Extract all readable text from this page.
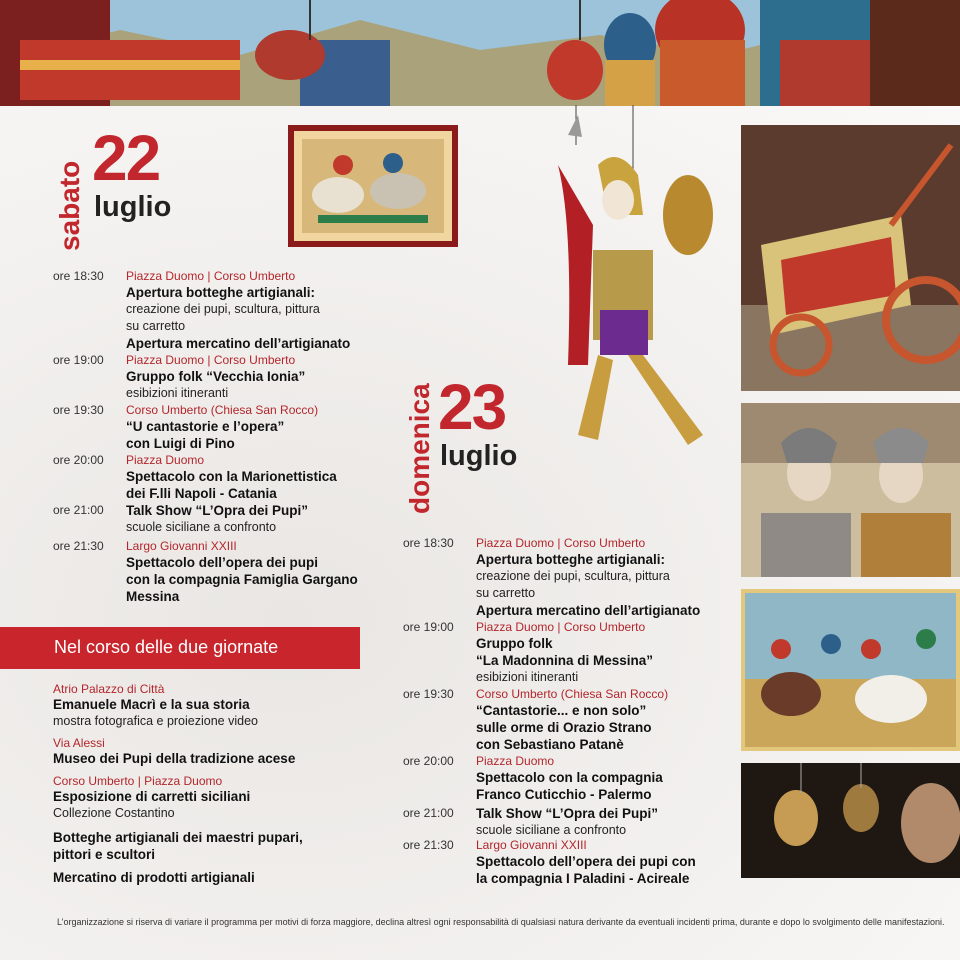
sabato
22
luglio
ore 18:30 Piazza Duomo | Corso Umberto
Apertura botteghe artigianali:
creazione dei pupi, scultura, pittura
su carretto
Apertura mercatino dell’artigianato
ore 19:00 Piazza Duomo | Corso Umberto
Gruppo folk “Vecchia Ionia”
esibizioni itineranti
ore 19:30 Corso Umberto (Chiesa San Rocco)
“U cantastorie e l’opera”
con Luigi di Pino
ore 20:00 Piazza Duomo
Spettacolo con la Marionettistica
dei F.lli Napoli - Catania
ore 21:00 Talk Show “L’Opra dei Pupi”
scuole siciliane a confronto
ore 21:30 Largo Giovanni XXIII
Spettacolo dell’opera dei pupi
con la compagnia Famiglia Gargano
Messina
domenica 23
luglio
ore 18:30 Piazza Duomo | Corso Umberto
Apertura botteghe artigianali:
creazione dei pupi, scultura, pittura
su carretto
Apertura mercatino dell’artigianato
ore 19:00 Piazza Duomo | Corso Umberto
Gruppo folk
“La Madonnina di Messina”
esibizioni itineranti
ore 19:30 Corso Umberto (Chiesa San Rocco)
“Cantastorie... e non solo”
sulle orme di Orazio Strano
con Sebastiano Patanè
ore 20:00 Piazza Duomo
Spettacolo con la compagnia
Franco Cuticchio - Palermo
ore 21:00 Talk Show “L’Opra dei Pupi”
scuole siciliane a confronto
ore 21:30 Largo Giovanni XXIII
Spettacolo dell’opera dei pupi con
la compagnia I Paladini - Acireale
Nel corso delle due giornate
Atrio Palazzo di Città
Emanuele Macrì e la sua storia
mostra fotografica e proiezione video
Via Alessi
Museo dei Pupi della tradizione acese
Corso Umberto | Piazza Duomo
Esposizione di carretti siciliani
Collezione Costantino
Botteghe artigianali dei maestri pupari,
pittori e scultori
Mercatino di prodotti artigianali
L’organizzazione si riserva di variare il programma per motivi di forza maggiore, declina altresì ogni responsabilità di qualsiasi natura derivante da eventuali incidenti prima, durante e dopo lo svolgimento delle manifestazioni.
